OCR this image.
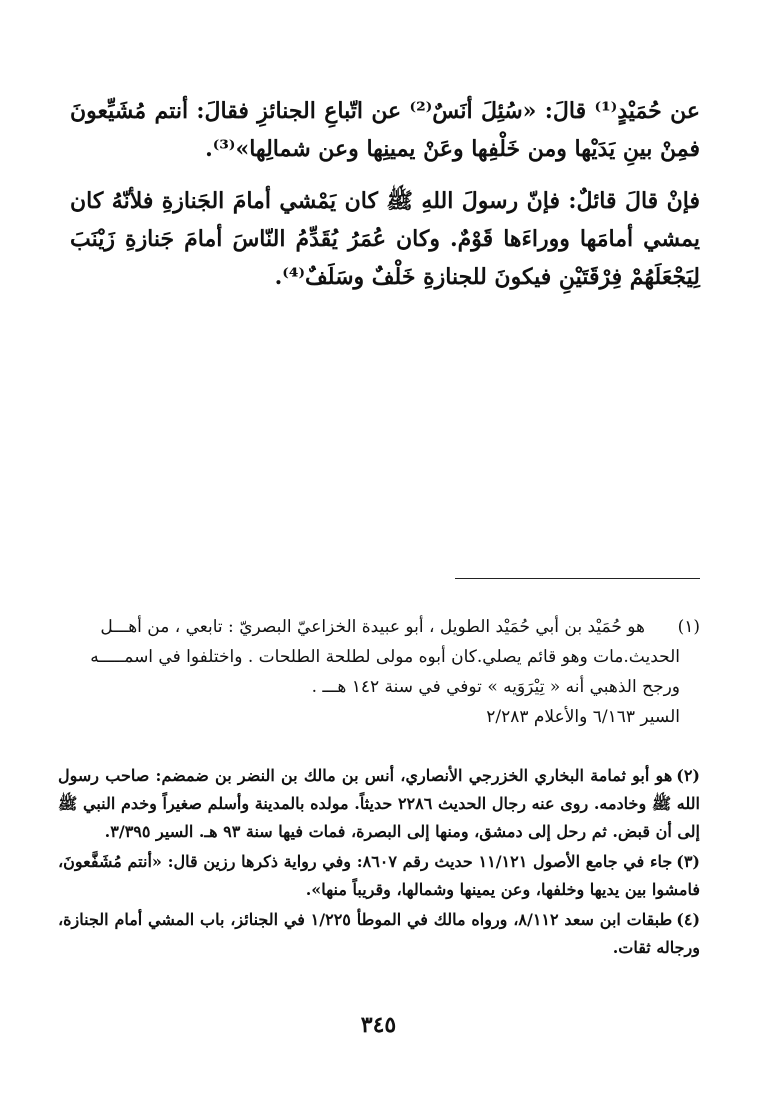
عن حُمَيْدٍ⁽¹⁾ قالَ: «سُئِلَ أنَسٌ⁽²⁾ عن اتّباعِ الجنائزِ فقالَ: أنتم مُشَيِّعونَ فمِنْ بينِ يَدَيْها ومن خَلْفِها وعَنْ يمينِها وعن شمالِها»⁽³⁾.

فإنْ قالَ قائلٌ: فإنّ رسولَ اللهِ ﷺ كان يَمْشي أمامَ الجَنازةِ فلأنّهُ كان يمشي أمامَها ووراءَها قَوْمٌ. وكان عُمَرُ يُقَدِّمُ النّاسَ أمامَ جَنازةِ زَيْنَبَ لِيَجْعَلَهُمْ فِرْقَتَيْنِ فيكونَ للجنازةِ خَلْفٌ وسَلَفٌ⁽⁴⁾.

(١)هو حُمَيْد بن أبي حُمَيْد الطويل ، أبو عبيدة الخزاعيّ البصريّ : تابعي ، من أهـــل
الحديث.مات وهو قائم يصلي.كان أبوه مولى لطلحة الطلحات . واختلفوا في اسمـــــه
ورجح الذهبي أنه « تِيْرَوَيه » توفي في سنة ١٤٢ هـــ .
السير ٦/١٦٣ والأعلام ٢/٢٨٣

(٢)هو أبو ثمامة البخاري الخزرجي الأنصاري، أنس بن مالك بن النضر بن ضمضم: صاحب رسول الله ﷺ وخادمه. روى عنه رجال الحديث ٢٢٨٦ حديثاً. مولده بالمدينة وأسلم صغيراً وخدم النبي ﷺ إلى أن قبض. ثم رحل إلى دمشق، ومنها إلى البصرة، فمات فيها سنة ٩٣ هـ. السير ٣/٣٩٥.

(٣)جاء في جامع الأصول ١١/١٢١ حديث رقم ٨٦٠٧: وفي رواية ذكرها رزين قال: «أنتم مُشَفَّعونَ، فامشوا بين يديها وخلفها، وعن يمينها وشمالها، وقريباً منها».

(٤)طبقات ابن سعد ٨/١١٢، ورواه مالك في الموطأ ١/٢٢٥ في الجنائز، باب المشي أمام الجنازة، ورجاله ثقات.

٣٤٥
